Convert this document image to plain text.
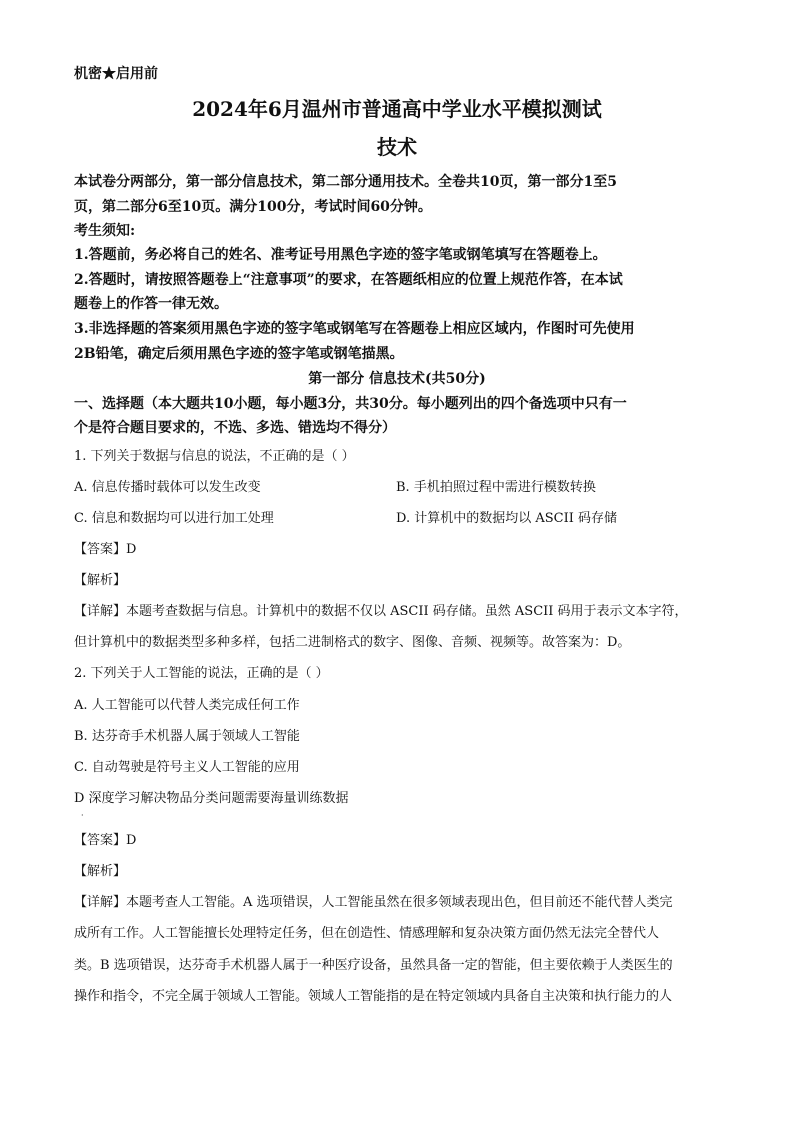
机密★启用前
2024年6月温州市普通高中学业水平模拟测试
技术
本试卷分两部分，第一部分信息技术，第二部分通用技术。全卷共10页，第一部分1至5
页，第二部分6至10页。满分100分，考试时间60分钟。
考生须知:
1.答题前，务必将自己的姓名、准考证号用黑色字迹的签字笔或钢笔填写在答题卷上。
2.答题时，请按照答题卷上“注意事项”的要求，在答题纸相应的位置上规范作答，在本试
题卷上的作答一律无效。
3.非选择题的答案须用黑色字迹的签字笔或钢笔写在答题卷上相应区域内，作图时可先使用
2B铅笔，确定后须用黑色字迹的签字笔或钢笔描黑。
第一部分 信息技术(共50分)
一、选择题（本大题共10小题，每小题3分，共30分。每小题列出的四个备选项中只有一
个是符合题目要求的，不选、多选、错选均不得分）
1. 下列关于数据与信息的说法，不正确的是（ ）
A. 信息传播时载体可以发生改变	B. 手机拍照过程中需进行模数转换
C. 信息和数据均可以进行加工处理	D. 计算机中的数据均以 ASCII 码存储
【答案】D
【解析】
【详解】本题考查数据与信息。计算机中的数据不仅以 ASCII 码存储。虽然 ASCII 码用于表示文本字符，
但计算机中的数据类型多种多样，包括二进制格式的数字、图像、音频、视频等。故答案为：D。
2. 下列关于人工智能的说法，正确的是（ ）
A. 人工智能可以代替人类完成任何工作
B. 达芬奇手术机器人属于领域人工智能
C. 自动驾驶是符号主义人工智能的应用
D 深度学习解决物品分类问题需要海量训练数据
·
【答案】D
【解析】
【详解】本题考查人工智能。A 选项错误，人工智能虽然在很多领域表现出色，但目前还不能代替人类完
成所有工作。人工智能擅长处理特定任务，但在创造性、情感理解和复杂决策方面仍然无法完全替代人
类。B 选项错误，达芬奇手术机器人属于一种医疗设备，虽然具备一定的智能，但主要依赖于人类医生的
操作和指令，不完全属于领域人工智能。领域人工智能指的是在特定领域内具备自主决策和执行能力的人
